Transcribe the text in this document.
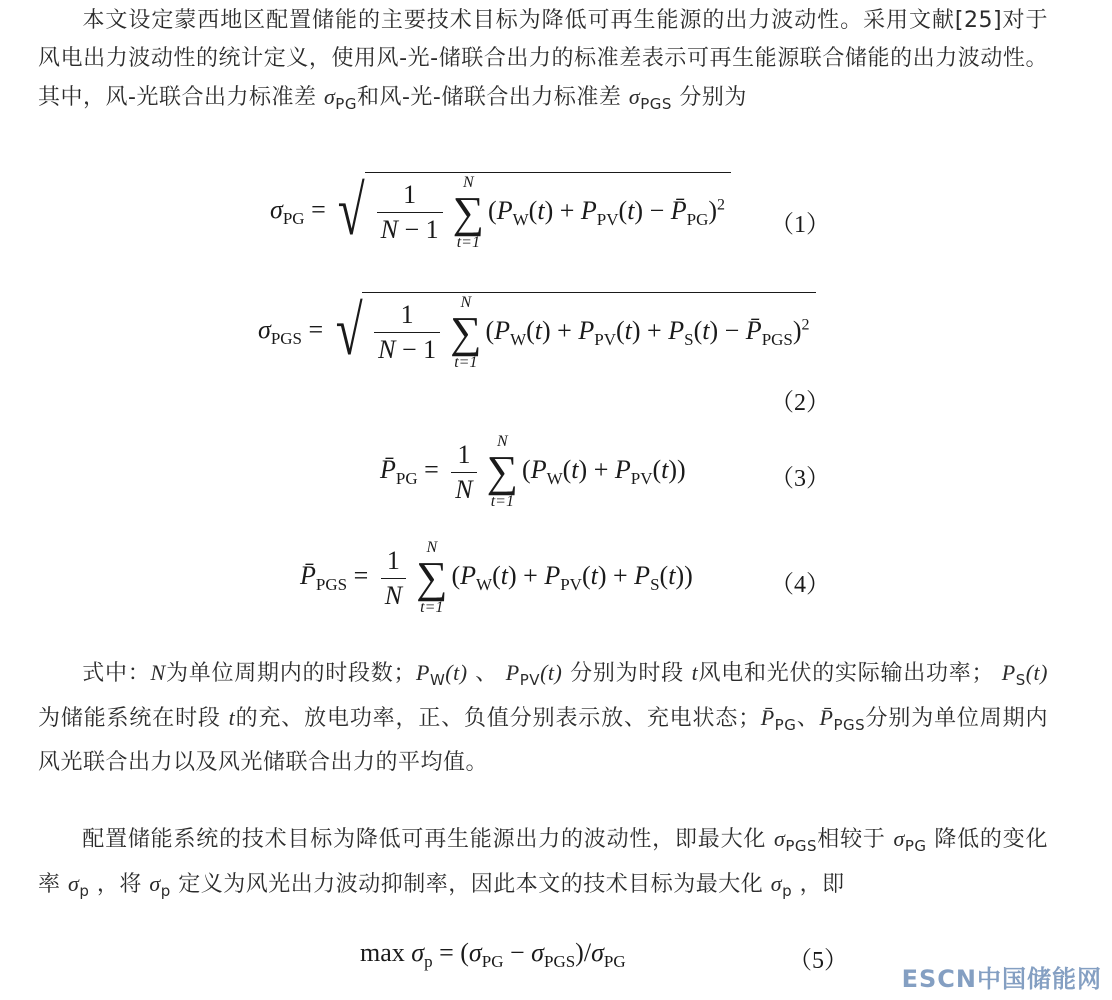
本文设定蒙西地区配置储能的主要技术目标为降低可再生能源的出力波动性。采用文献[25]对于风电出力波动性的统计定义，使用风-光-储联合出力的标准差表示可再生能源联合储能的出力波动性。其中，风-光联合出力标准差 $\sigma_{PG}$和风-光-储联合出力标准差 $\sigma_{PGS}$ 分别为

$\sigma_{PG}$ = √ $\frac{1}{N - 1}$ N
∑
t=1
($P_W(t) + P_{PV}(t)$ − $P̄_{PG})^2$
（1）
$\sigma_{PGS}$ = √ $\frac{1}{N - 1}$ N
∑
t=1
($P_W(t) + P_{PV}(t) + P_S(t)$ − $P̄_{PGS})^2$
（2）
$P̄_{PG} = \frac{1}{N}$ N
∑
t=1
$(P_W(t) + P_{PV}(t))$	（3）
$P̄_{PGS} = \frac{1}{N}$ N
∑
t=1
$(P_W(t) + P_{PV}(t) + P_S(t))$	（4）

式中：N为单位周期内的时段数；$P_W(t)$ 、 $P_{PV}(t)$ 分别为时段 t风电和光伏的实际输出功率； $P_S(t)$ 为储能系统在时段 t的充、放电功率，正、负值分别表示放、充电状态；$P̄_{PG}$、$P̄_{PGS}$分别为单位周期内风光联合出力以及风光储联合出力的平均值。

配置储能系统的技术目标为降低可再生能源出力的波动性，即最大化 $\sigma_{PGS}$相较于 $\sigma_{PG}$ 降低的变化率 $\sigma_p$ ，将 $\sigma_p$ 定义为风光出力波动抑制率，因此本文的技术目标为最大化 $\sigma_p$ ，即

$\max \sigma_p = (\sigma_{PG} - \sigma_{PGS})/\sigma_{PG}$	（5）
ESCN中国储能网
